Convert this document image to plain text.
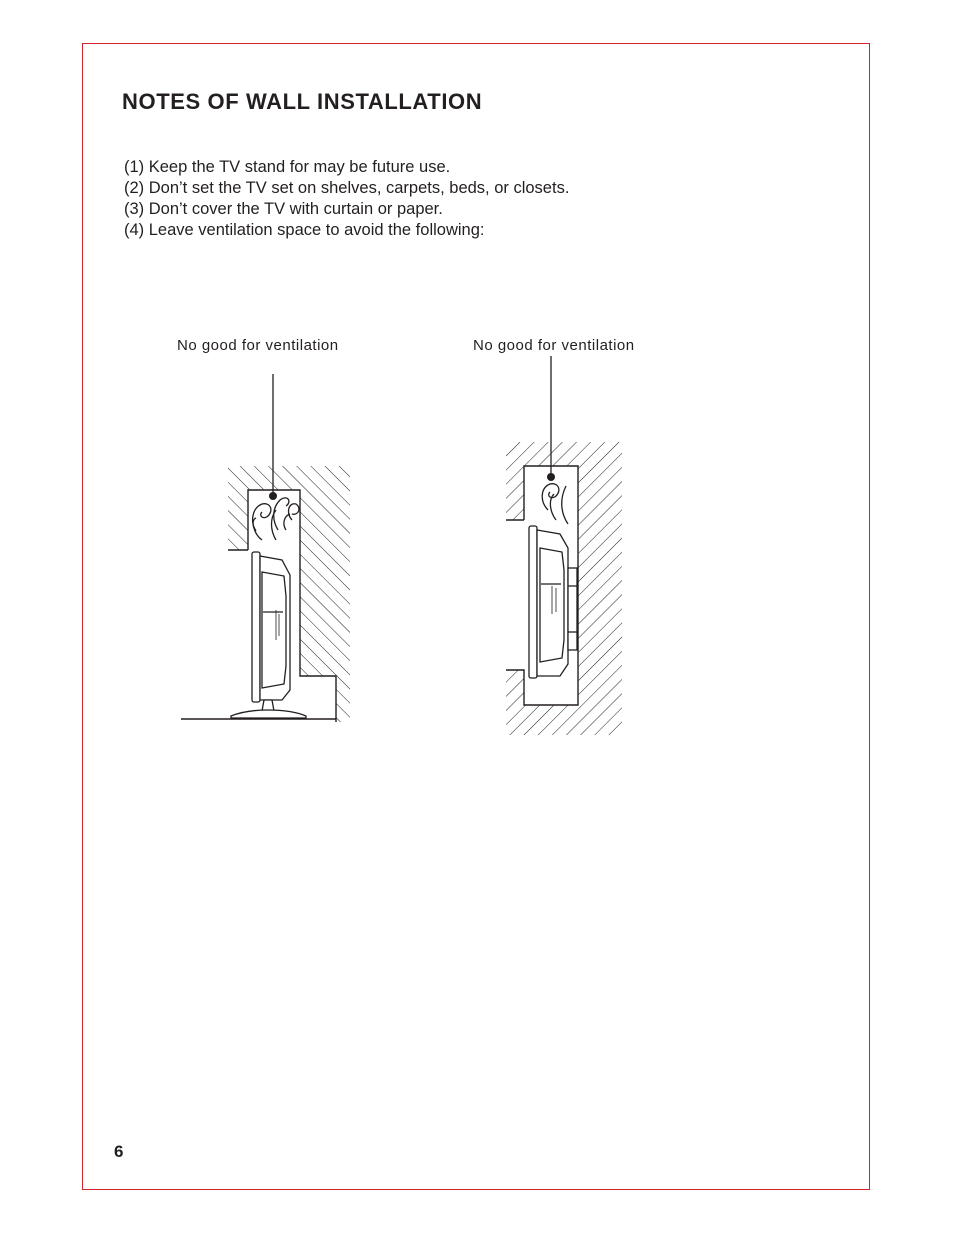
NOTES OF WALL INSTALLATION
(1) Keep the TV stand for may be future use.
(2) Don’t set the TV set on shelves, carpets, beds, or closets.
(3) Don’t cover the TV with curtain or paper.
(4) Leave ventilation space to avoid the following:
No good for ventilation	No good for ventilation
6
